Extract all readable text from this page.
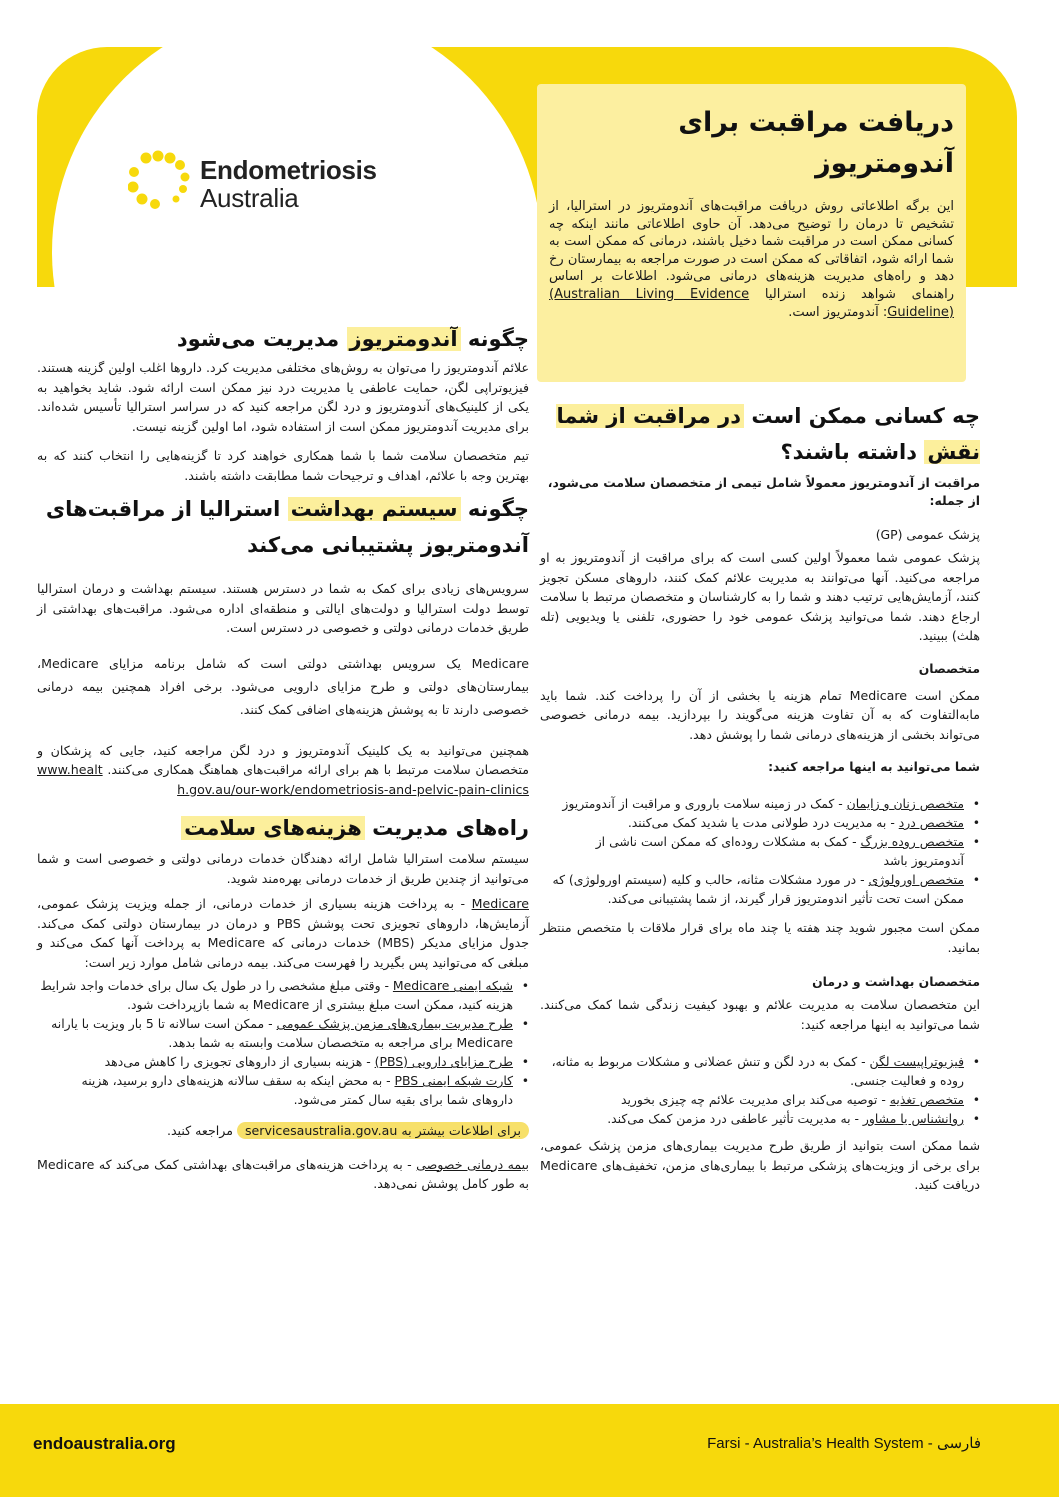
Endometriosis
Australia
دریافت مراقبت برای آندومتریوز

این برگه اطلاعاتی روش دریافت مراقبت‌های آندومتریوز در استرالیا، از تشخیص تا درمان را توضیح می‌دهد. آن حاوی اطلاعاتی مانند اینکه چه کسانی ممکن است در مراقبت شما دخیل باشند، درمانی که ممکن است به شما ارائه شود، اتفاقاتی که ممکن است در صورت مراجعه به بیمارستان رخ دهد و راه‌های مدیریت هزینه‌های درمانی می‌شود. اطلاعات بر اساس راهنمای شواهد زنده استرالیا (Australian Living Evidence Guideline): آندومتریوز است.

چگونه آندومتریوز مدیریت می‌شود

علائم آندومتریوز را می‌توان به روش‌های مختلفی مدیریت کرد. داروها اغلب اولین گزینه هستند. فیزیوتراپی لگن، حمایت عاطفی یا مدیریت درد نیز ممکن است ارائه شود. شاید بخواهید به یکی از کلینیک‌های آندومتریوز و درد لگن مراجعه کنید که در سراسر استرالیا تأسیس شده‌اند. برای مدیریت آندومتریوز ممکن است از استفاده شود، اما اولین گزینه نیست.

تیم متخصصان سلامت شما با شما همکاری خواهند کرد تا گزینه‌هایی را انتخاب کنند که به بهترین وجه با علائم، اهداف و ترجیحات شما مطابقت داشته باشند.

چگونه سیستم بهداشت استرالیا از مراقبت‌های آندومتریوز پشتیبانی می‌کند

سرویس‌های زیادی برای کمک به شما در دسترس هستند. سیستم بهداشت و درمان استرالیا توسط دولت استرالیا و دولت‌های ایالتی و منطقه‌ای اداره می‌شود. مراقبت‌های بهداشتی از طریق خدمات درمانی دولتی و خصوصی در دسترس است.

Medicare یک سرویس بهداشتی دولتی است که شامل برنامه مزایای Medicare، بیمارستان‌های دولتی و طرح مزایای دارویی می‌شود. برخی افراد همچنین بیمه درمانی خصوصی دارند تا به پوشش هزینه‌های اضافی کمک کنند.

همچنین می‌توانید به یک کلینیک آندومتریوز و درد لگن مراجعه کنید، جایی که پزشکان و متخصصان سلامت مرتبط با هم برای ارائه مراقبت‌های هماهنگ همکاری می‌کنند. www.health.gov.au/our-work/endometriosis-and-pelvic-pain-clinics

راه‌های مدیریت هزینه‌های سلامت

سیستم سلامت استرالیا شامل ارائه دهندگان خدمات درمانی دولتی و خصوصی است و شما می‌توانید از چندین طریق از خدمات درمانی بهره‌مند شوید.

Medicare - به پرداخت هزینه بسیاری از خدمات درمانی، از جمله ویزیت پزشک عمومی، آزمایش‌ها، داروهای تجویزی تحت پوشش PBS و درمان در بیمارستان دولتی کمک می‌کند. جدول مزایای مدیکر (MBS) خدمات درمانی که Medicare به پرداخت آنها کمک می‌کند و مبلغی که می‌توانید پس بگیرید را فهرست می‌کند. بیمه درمانی شامل موارد زیر است:

• شبکه ایمنی Medicare - وقتی مبلغ مشخصی را در طول یک سال برای خدمات واجد شرایط هزینه کنید، ممکن است مبلغ بیشتری از Medicare به شما بازپرداخت شود.
• طرح مدیریت بیماری‌های مزمن پزشک عمومی - ممکن است سالانه تا 5 بار ویزیت با یارانه Medicare برای مراجعه به متخصصان سلامت وابسته به شما بدهد.
• طرح مزایای دارویی (PBS) - هزینه بسیاری از داروهای تجویزی را کاهش می‌دهد
• کارت شبکه ایمنی PBS - به محض اینکه به سقف سالانه هزینه‌های دارو برسید، هزینه داروهای شما برای بقیه سال کمتر می‌شود.

برای اطلاعات بیشتر به servicesaustralia.gov.au مراجعه کنید.

بیمه درمانی خصوصی - به پرداخت هزینه‌های مراقبت‌های بهداشتی کمک می‌کند که Medicare به طور کامل پوشش نمی‌دهد.

چه کسانی ممکن است در مراقبت از شما نقش داشته باشند؟

مراقبت از آندومتریوز معمولاً شامل تیمی از متخصصان سلامت می‌شود، از جمله:

پزشک عمومی (GP)

پزشک عمومی شما معمولاً اولین کسی است که برای مراقبت از آندومتریوز به او مراجعه می‌کنید. آنها می‌توانند به مدیریت علائم کمک کنند، داروهای مسکن تجویز کنند، آزمایش‌هایی ترتیب دهند و شما را به کارشناسان و متخصصان مرتبط با سلامت ارجاع دهند. شما می‌توانید پزشک عمومی خود را حضوری، تلفنی یا ویدیویی (تله هلث) ببینید.

متخصصان

ممکن است Medicare تمام هزینه یا بخشی از آن را پرداخت کند. شما باید مابه‌التفاوت که به آن تفاوت هزینه می‌گویند را بپردازید. بیمه درمانی خصوصی می‌تواند بخشی از هزینه‌های درمانی شما را پوشش دهد.

شما می‌توانید به اینها مراجعه کنید:

• متخصص زنان و زایمان - کمک در زمینه سلامت باروری و مراقبت از آندومتریوز
• متخصص درد - به مدیریت درد طولانی مدت یا شدید کمک می‌کنند.
• متخصص روده بزرگ - کمک به مشکلات روده‌ای که ممکن است ناشی از آندومتریوز باشد
• متخصص اورولوژی - در مورد مشکلات مثانه، حالب و کلیه (سیستم اورولوژی) که ممکن است تحت تأثیر اندومتریوز قرار گیرند، از شما پشتیبانی می‌کند.

ممکن است مجبور شوید چند هفته یا چند ماه برای قرار ملاقات با متخصص منتظر بمانید.

متخصصان بهداشت و درمان

این متخصصان سلامت به مدیریت علائم و بهبود کیفیت زندگی شما کمک می‌کنند. شما می‌توانید به اینها مراجعه کنید:

• فیزیوتراپیست لگن - کمک به درد لگن و تنش عضلانی و مشکلات مربوط به مثانه، روده و فعالیت جنسی.
• متخصص تغذیه - توصیه می‌کند برای مدیریت علائم چه چیزی بخورید
• روانشناس یا مشاور - به مدیریت تأثیر عاطفی درد مزمن کمک می‌کند.

شما ممکن است بتوانید از طریق طرح مدیریت بیماری‌های مزمن پزشک عمومی، برای برخی از ویزیت‌های پزشکی مرتبط با بیماری‌های مزمن، تخفیف‌های Medicare دریافت کنید.

endoaustralia.org	Farsi - Australia’s Health System - فارسی
